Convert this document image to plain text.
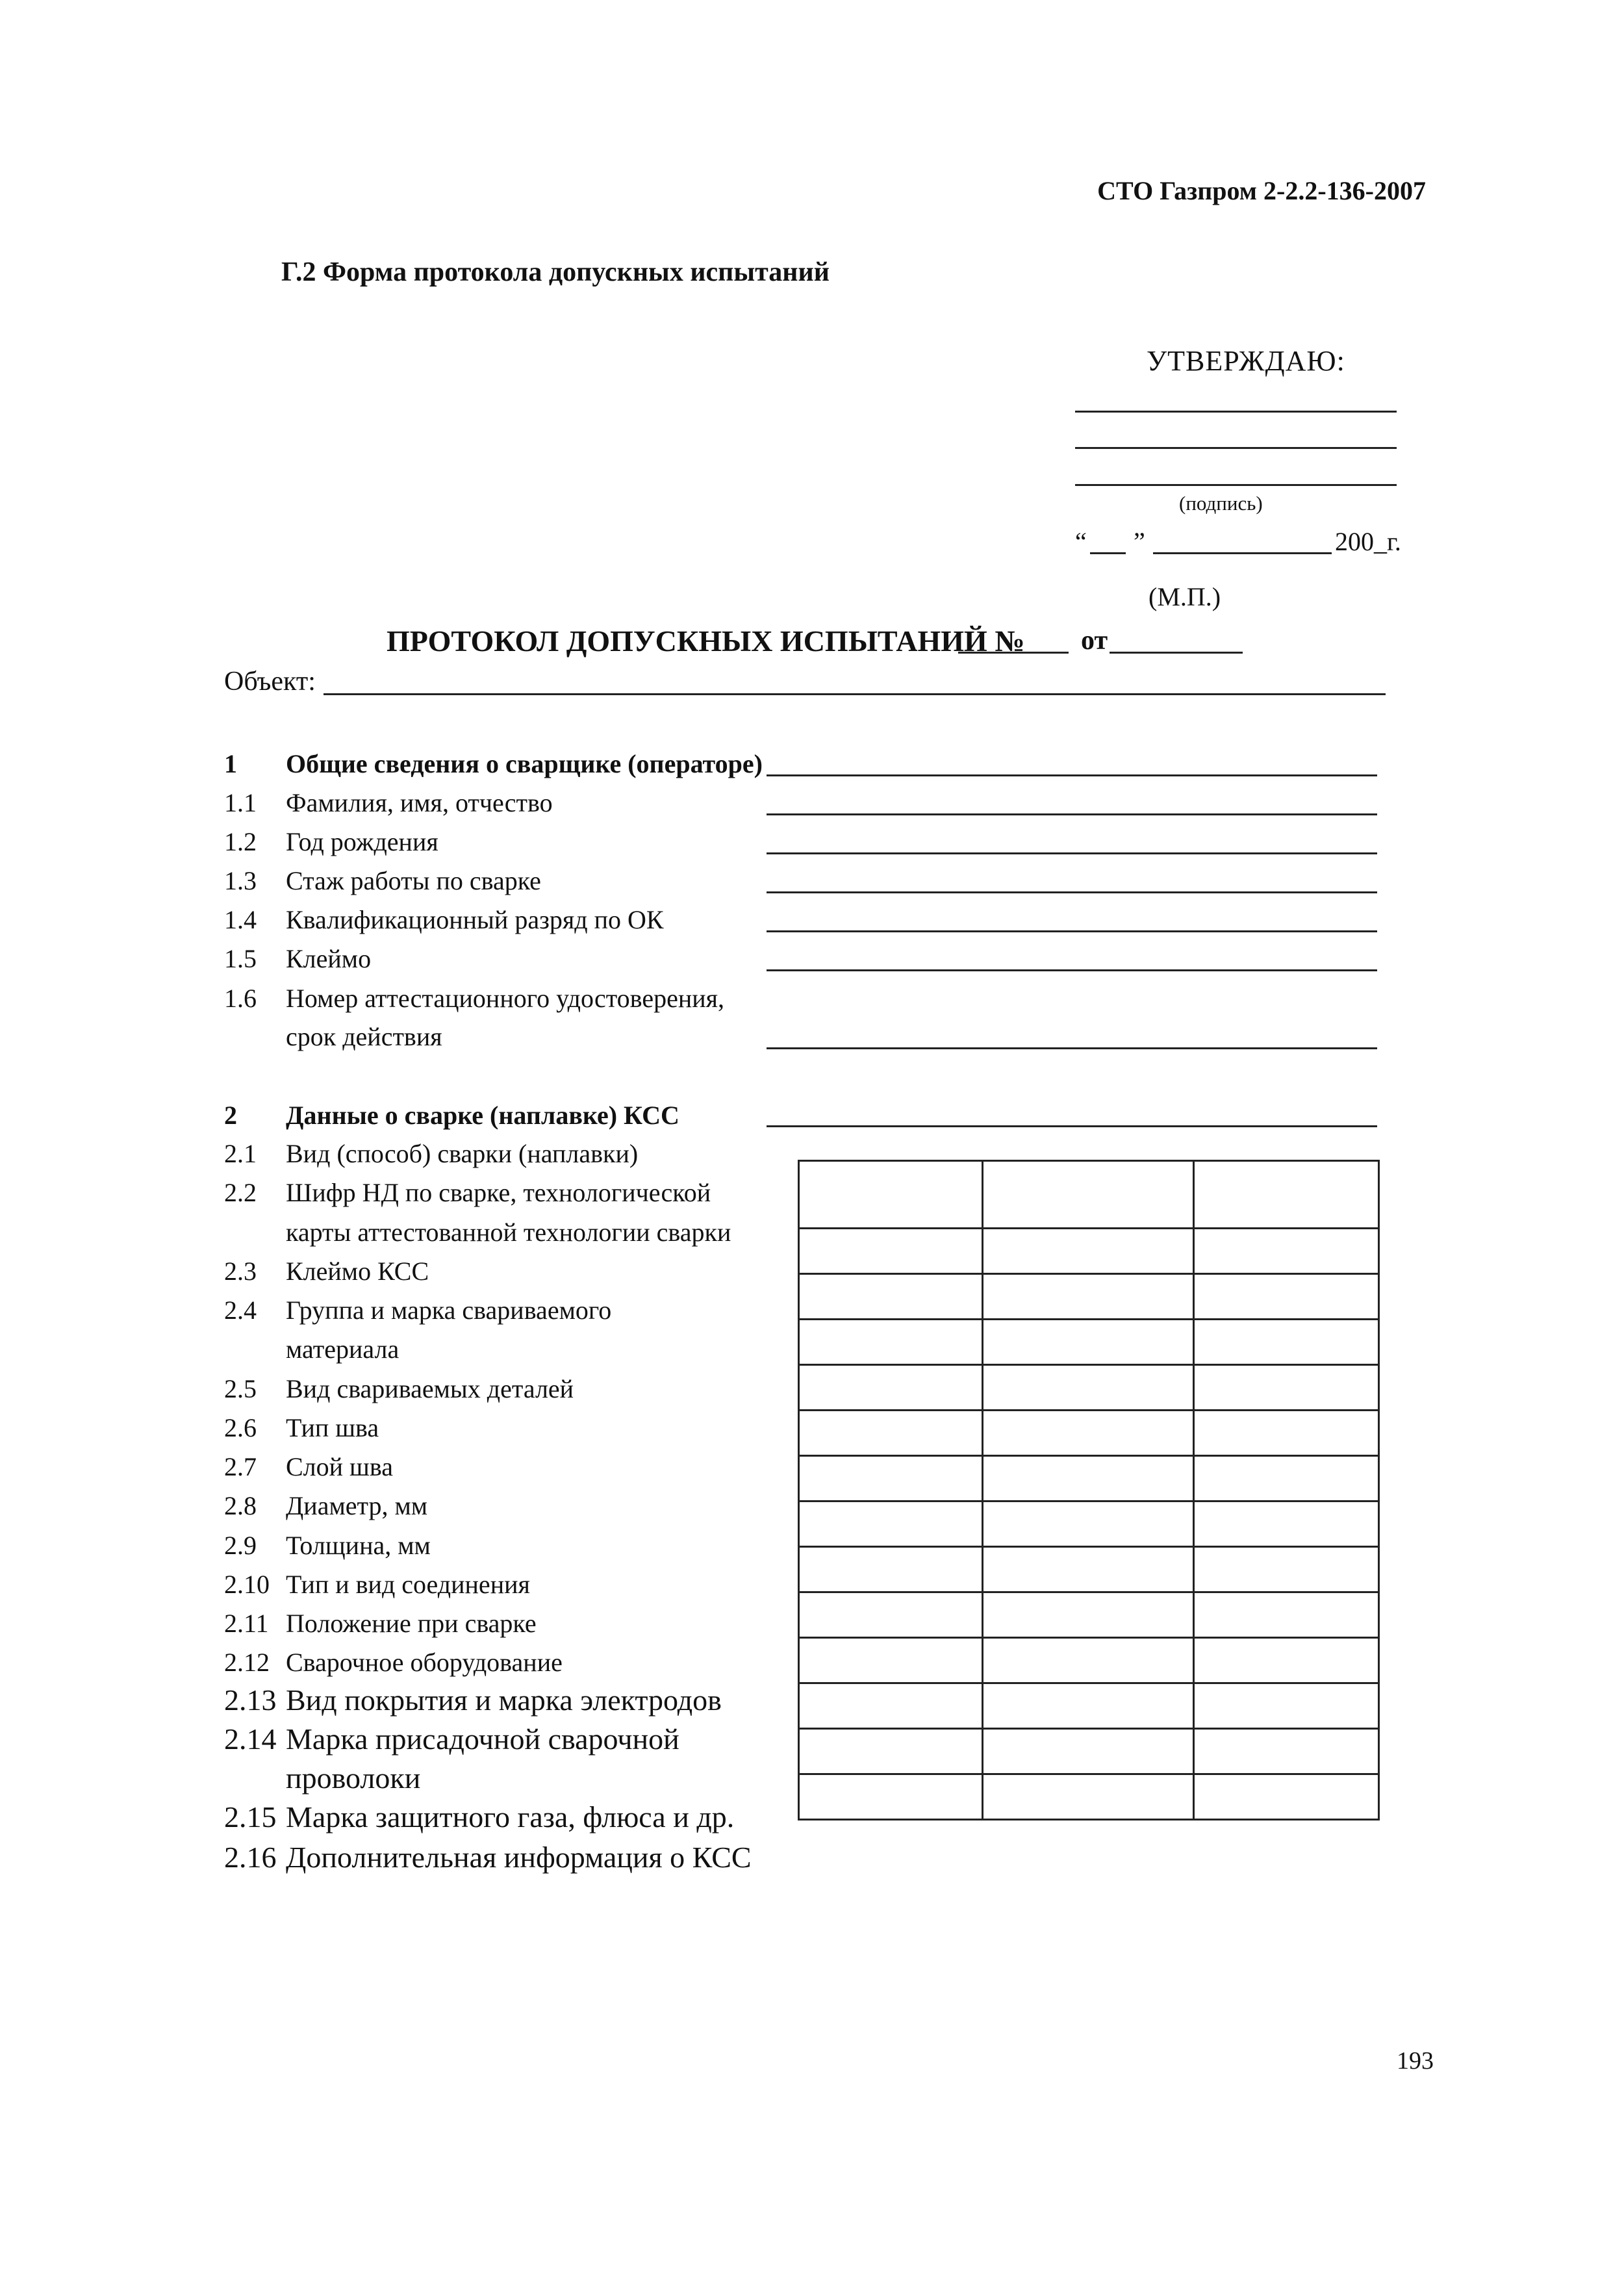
СТО Газпром 2-2.2-136-2007
Г.2 Форма протокола допускных испытаний
УТВЕРЖДАЮ:
(подпись)
“ ”	200_г.
(М.П.)
ПРОТОКОЛ ДОПУСКНЫХ ИСПЫТАНИЙ № от
Объект:
1 Общие сведения о сварщике (операторе)
1.1 Фамилия, имя, отчество
1.2 Год рождения
1.3 Стаж работы по сварке
1.4 Квалификационный разряд по ОК
1.5 Клеймо
1.6 Номер аттестационного удостоверения,
срок действия
2 Данные о сварке (наплавке) КСС
2.1 Вид (способ) сварки (наплавки)
2.2 Шифр НД по сварке, технологической
карты аттестованной технологии сварки
2.3 Клеймо КСС
2.4 Группа и марка свариваемого
материала
2.5 Вид свариваемых деталей
2.6 Тип шва
2.7 Слой шва
2.8 Диаметр, мм
2.9 Толщина, мм
2.10 Тип и вид соединения
2.11 Положение при сварке
2.12 Сварочное оборудование
2.13 Вид покрытия и марка электродов
2.14 Марка присадочной сварочной
проволоки
2.15 Марка защитного газа, флюса и др.
2.16 Дополнительная информация о КСС

193
